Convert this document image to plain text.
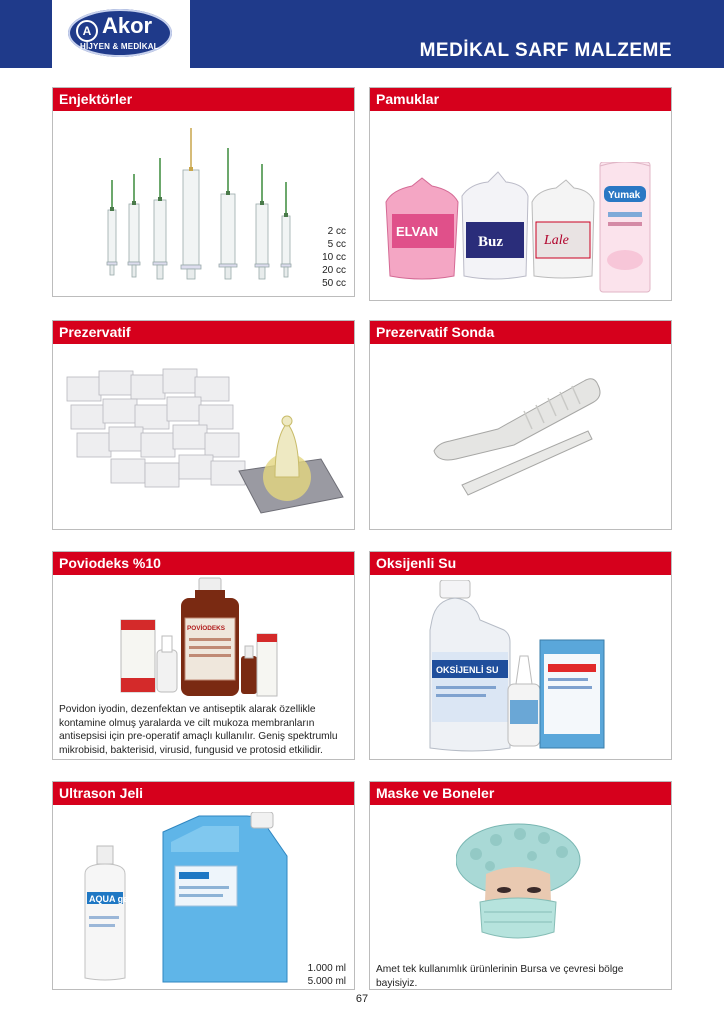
A Akor
HİJYEN & MEDİKAL	MEDİKAL SARF MALZEME
Enjektörler
2 cc
5 cc
10 cc
20 cc
50 cc
Pamuklar
ELVAN
Buz	Lale
Yumak
Prezervatif	Prezervatif Sonda
Poviodeks %10
POVİODEKS
Povidon iyodin, dezenfektan ve antiseptik alarak özellikle kontamine olmuş yaralarda ve cilt mukoza membranların antisepsisi için pre-operatif amaçlı kullanılır. Geniş spektrumlu mikrobisid, bakterisid, virusid, fungusid ve protosid etkilidir.
Oksijenli Su
OKSİJENLİ SU
Ultrason Jeli
AQUA gel
1.000 ml
5.000 ml
Maske ve Boneler
Amet tek kullanımlık ürünlerinin Bursa ve çevresi bölge bayisiyiz.
67
